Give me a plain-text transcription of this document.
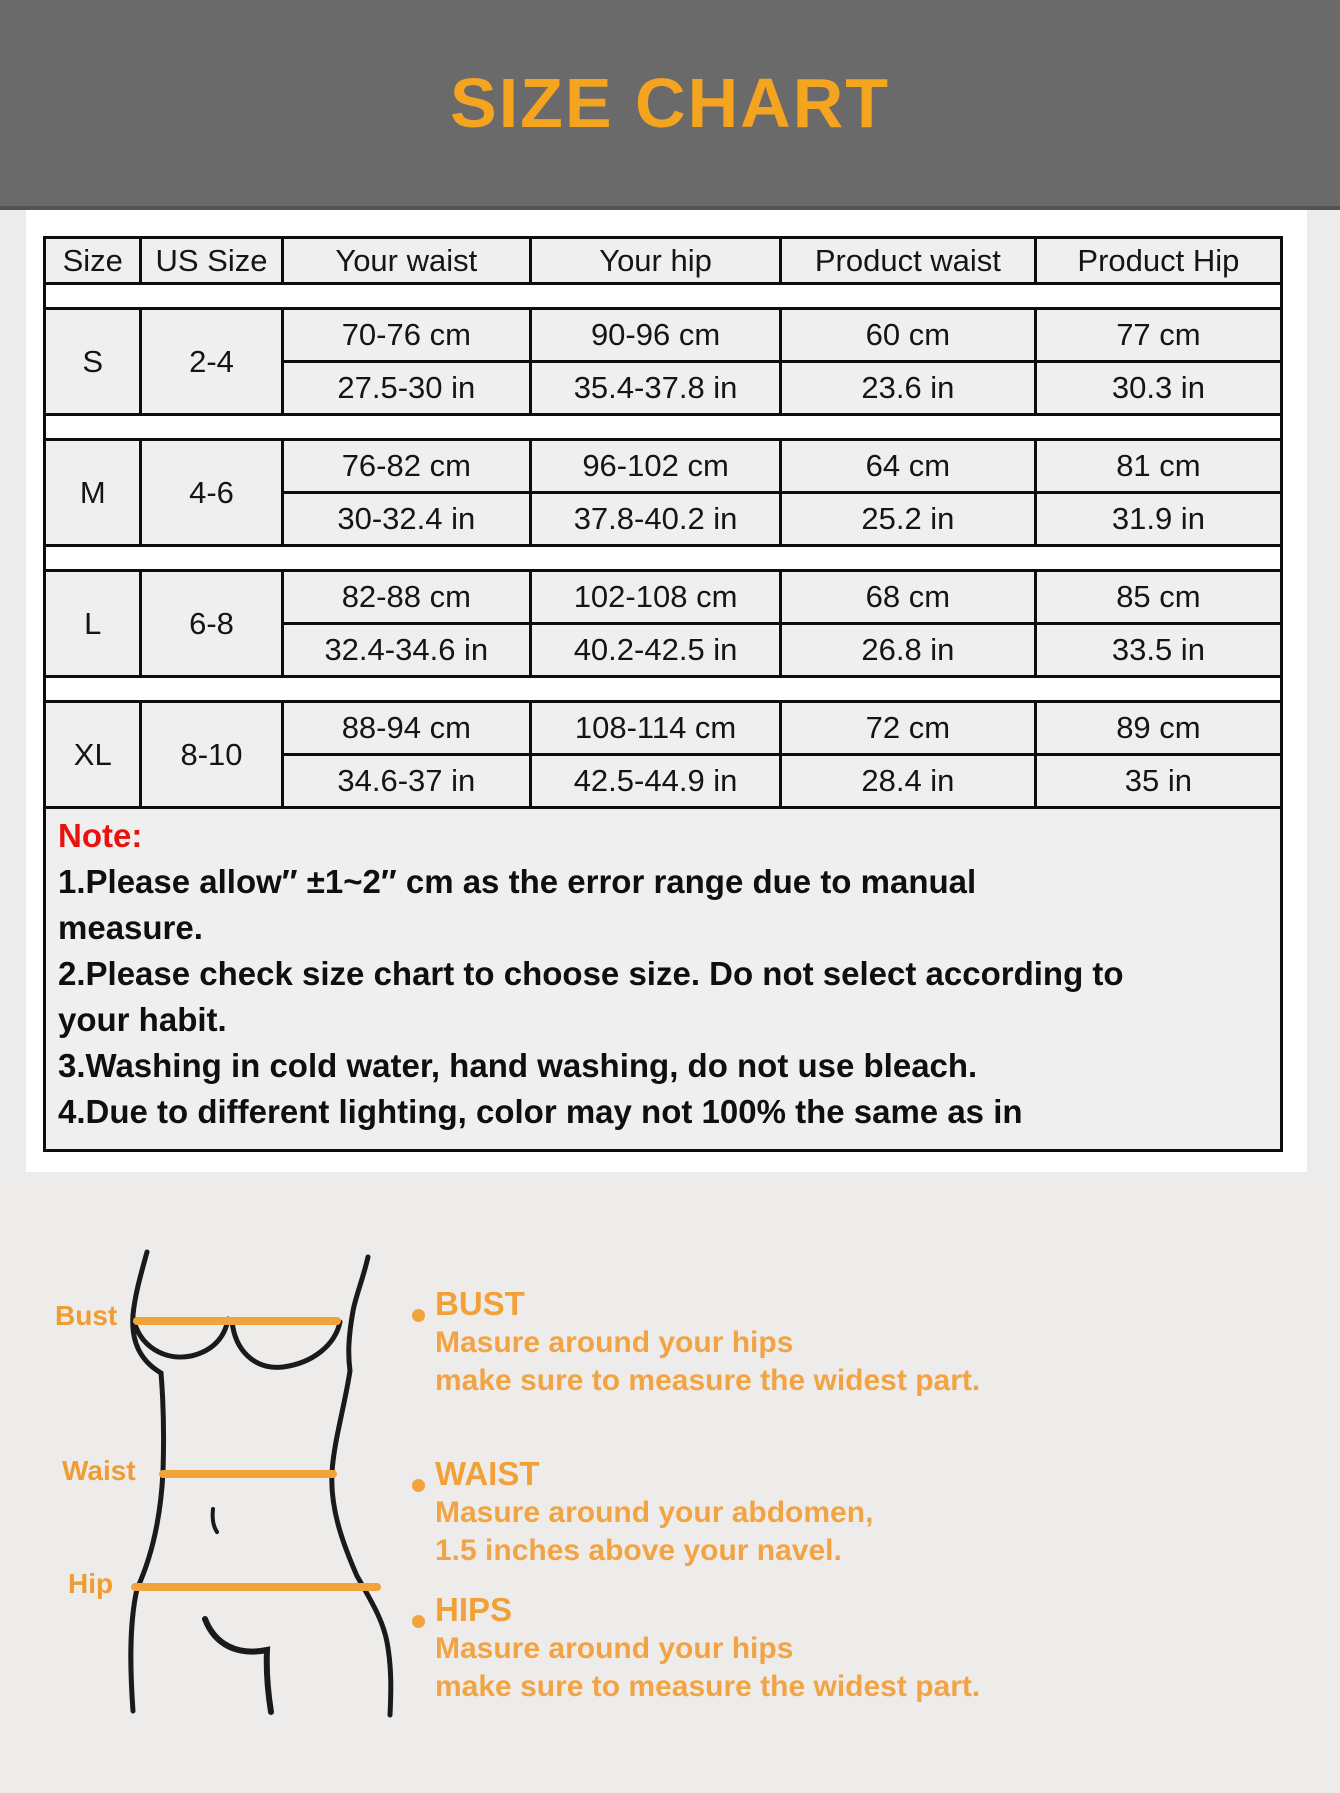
SIZE CHART
Size	US Size	Your waist	Your hip	Product waist	Product Hip

S	2-4	70-76 cm	90-96 cm	60 cm	77 cm
		27.5-30 in	35.4-37.8 in	23.6 in	30.3 in

M	4-6	76-82 cm	96-102 cm	64 cm	81 cm
		30-32.4 in	37.8-40.2 in	25.2 in	31.9 in

L	6-8	82-88 cm	102-108 cm	68 cm	85 cm
		32.4-34.6 in	40.2-42.5 in	26.8 in	33.5 in

XL	8-10	88-94 cm	108-114 cm	72 cm	89 cm
		34.6-37 in	42.5-44.9 in	28.4 in	35 in
Note:
1.Please allow″ ±1~2″ cm as the error range due to manual
measure.
2.Please check size chart to choose size. Do not select according to
your habit.
3.Washing in cold water, hand washing, do not use bleach.
4.Due to different lighting, color may not 100% the same as in
Bust
Waist
Hip
BUST
Masure around your hips
make sure to measure the widest part.
WAIST
Masure around your abdomen,
1.5 inches above your navel.
HIPS
Masure around your hips
make sure to measure the widest part.
